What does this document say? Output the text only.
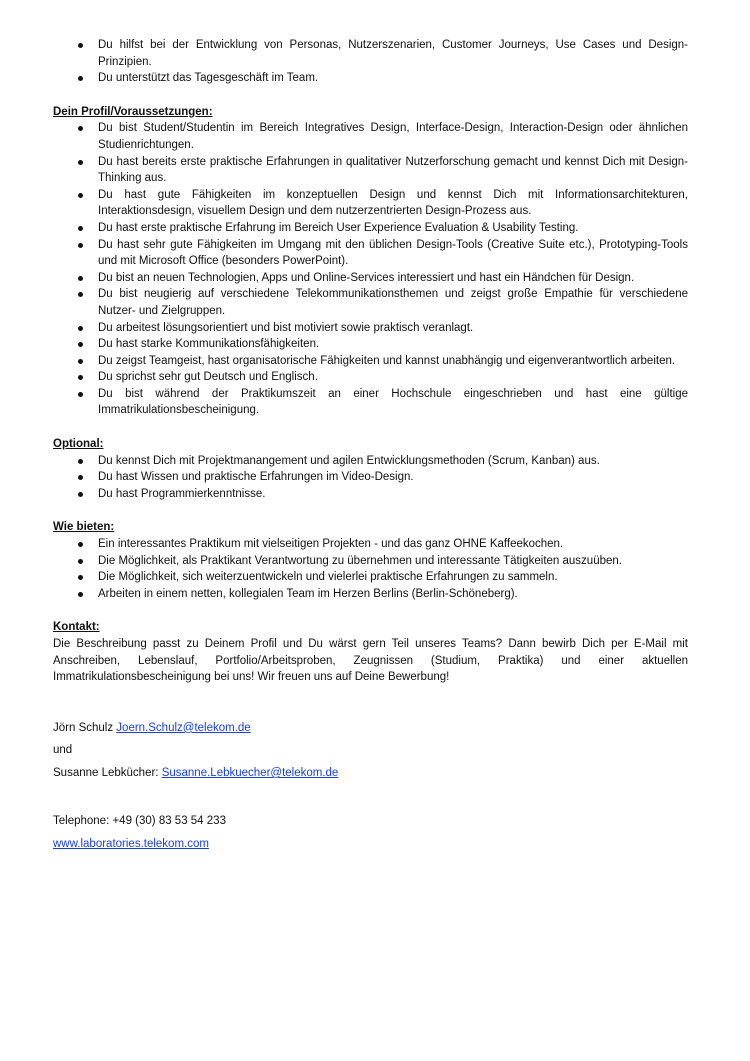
Du hilfst bei der Entwicklung von Personas, Nutzerszenarien, Customer Journeys, Use Cases und Design-Prinzipien.
Du unterstützt das Tagesgeschäft im Team.

Dein Profil/Voraussetzungen:

Du bist Student/Studentin im Bereich Integratives Design, Interface-Design, Interaction-Design oder ähnlichen Studienrichtungen.
Du hast bereits erste praktische Erfahrungen in qualitativer Nutzerforschung gemacht und kennst Dich mit Design-Thinking aus.
Du hast gute Fähigkeiten im konzeptuellen Design und kennst Dich mit Informationsarchitekturen, Interaktionsdesign, visuellem Design und dem nutzerzentrierten Design-Prozess aus.
Du hast erste praktische Erfahrung im Bereich User Experience Evaluation & Usability Testing.
Du hast sehr gute Fähigkeiten im Umgang mit den üblichen Design-Tools (Creative Suite etc.), Prototyping-Tools und mit Microsoft Office (besonders PowerPoint).
Du bist an neuen Technologien, Apps und Online-Services interessiert und hast ein Händchen für Design.
Du bist neugierig auf verschiedene Telekommunikationsthemen und zeigst große Empathie für verschiedene Nutzer- und Zielgruppen.
Du arbeitest lösungsorientiert und bist motiviert sowie praktisch veranlagt.
Du hast starke Kommunikationsfähigkeiten.
Du zeigst Teamgeist, hast organisatorische Fähigkeiten und kannst unabhängig und eigenverantwortlich arbeiten.
Du sprichst sehr gut Deutsch und Englisch.
Du bist während der Praktikumszeit an einer Hochschule eingeschrieben und hast eine gültige Immatrikulationsbescheinigung.

Optional:

Du kennst Dich mit Projektmanangement und agilen Entwicklungsmethoden (Scrum, Kanban) aus.
Du hast Wissen und praktische Erfahrungen im Video-Design.
Du hast Programmierkenntnisse.

Wie bieten:

Ein interessantes Praktikum mit vielseitigen Projekten - und das ganz OHNE Kaffeekochen.
Die Möglichkeit, als Praktikant Verantwortung zu übernehmen und interessante Tätigkeiten auszuüben.
Die Möglichkeit, sich weiterzuentwickeln und vielerlei praktische Erfahrungen zu sammeln.
Arbeiten in einem netten, kollegialen Team im Herzen Berlins (Berlin-Schöneberg).

Kontakt:

Die Beschreibung passt zu Deinem Profil und Du wärst gern Teil unseres Teams? Dann bewirb Dich per E-Mail mit Anschreiben, Lebenslauf, Portfolio/Arbeitsproben, Zeugnissen (Studium, Praktika) und einer aktuellen Immatrikulationsbescheinigung bei uns! Wir freuen uns auf Deine Bewerbung!

Jörn Schulz Joern.Schulz@telekom.de

und

Susanne Lebkücher: Susanne.Lebkuecher@telekom.de

Telephone: +49 (30) 83 53 54 233

www.laboratories.telekom.com
